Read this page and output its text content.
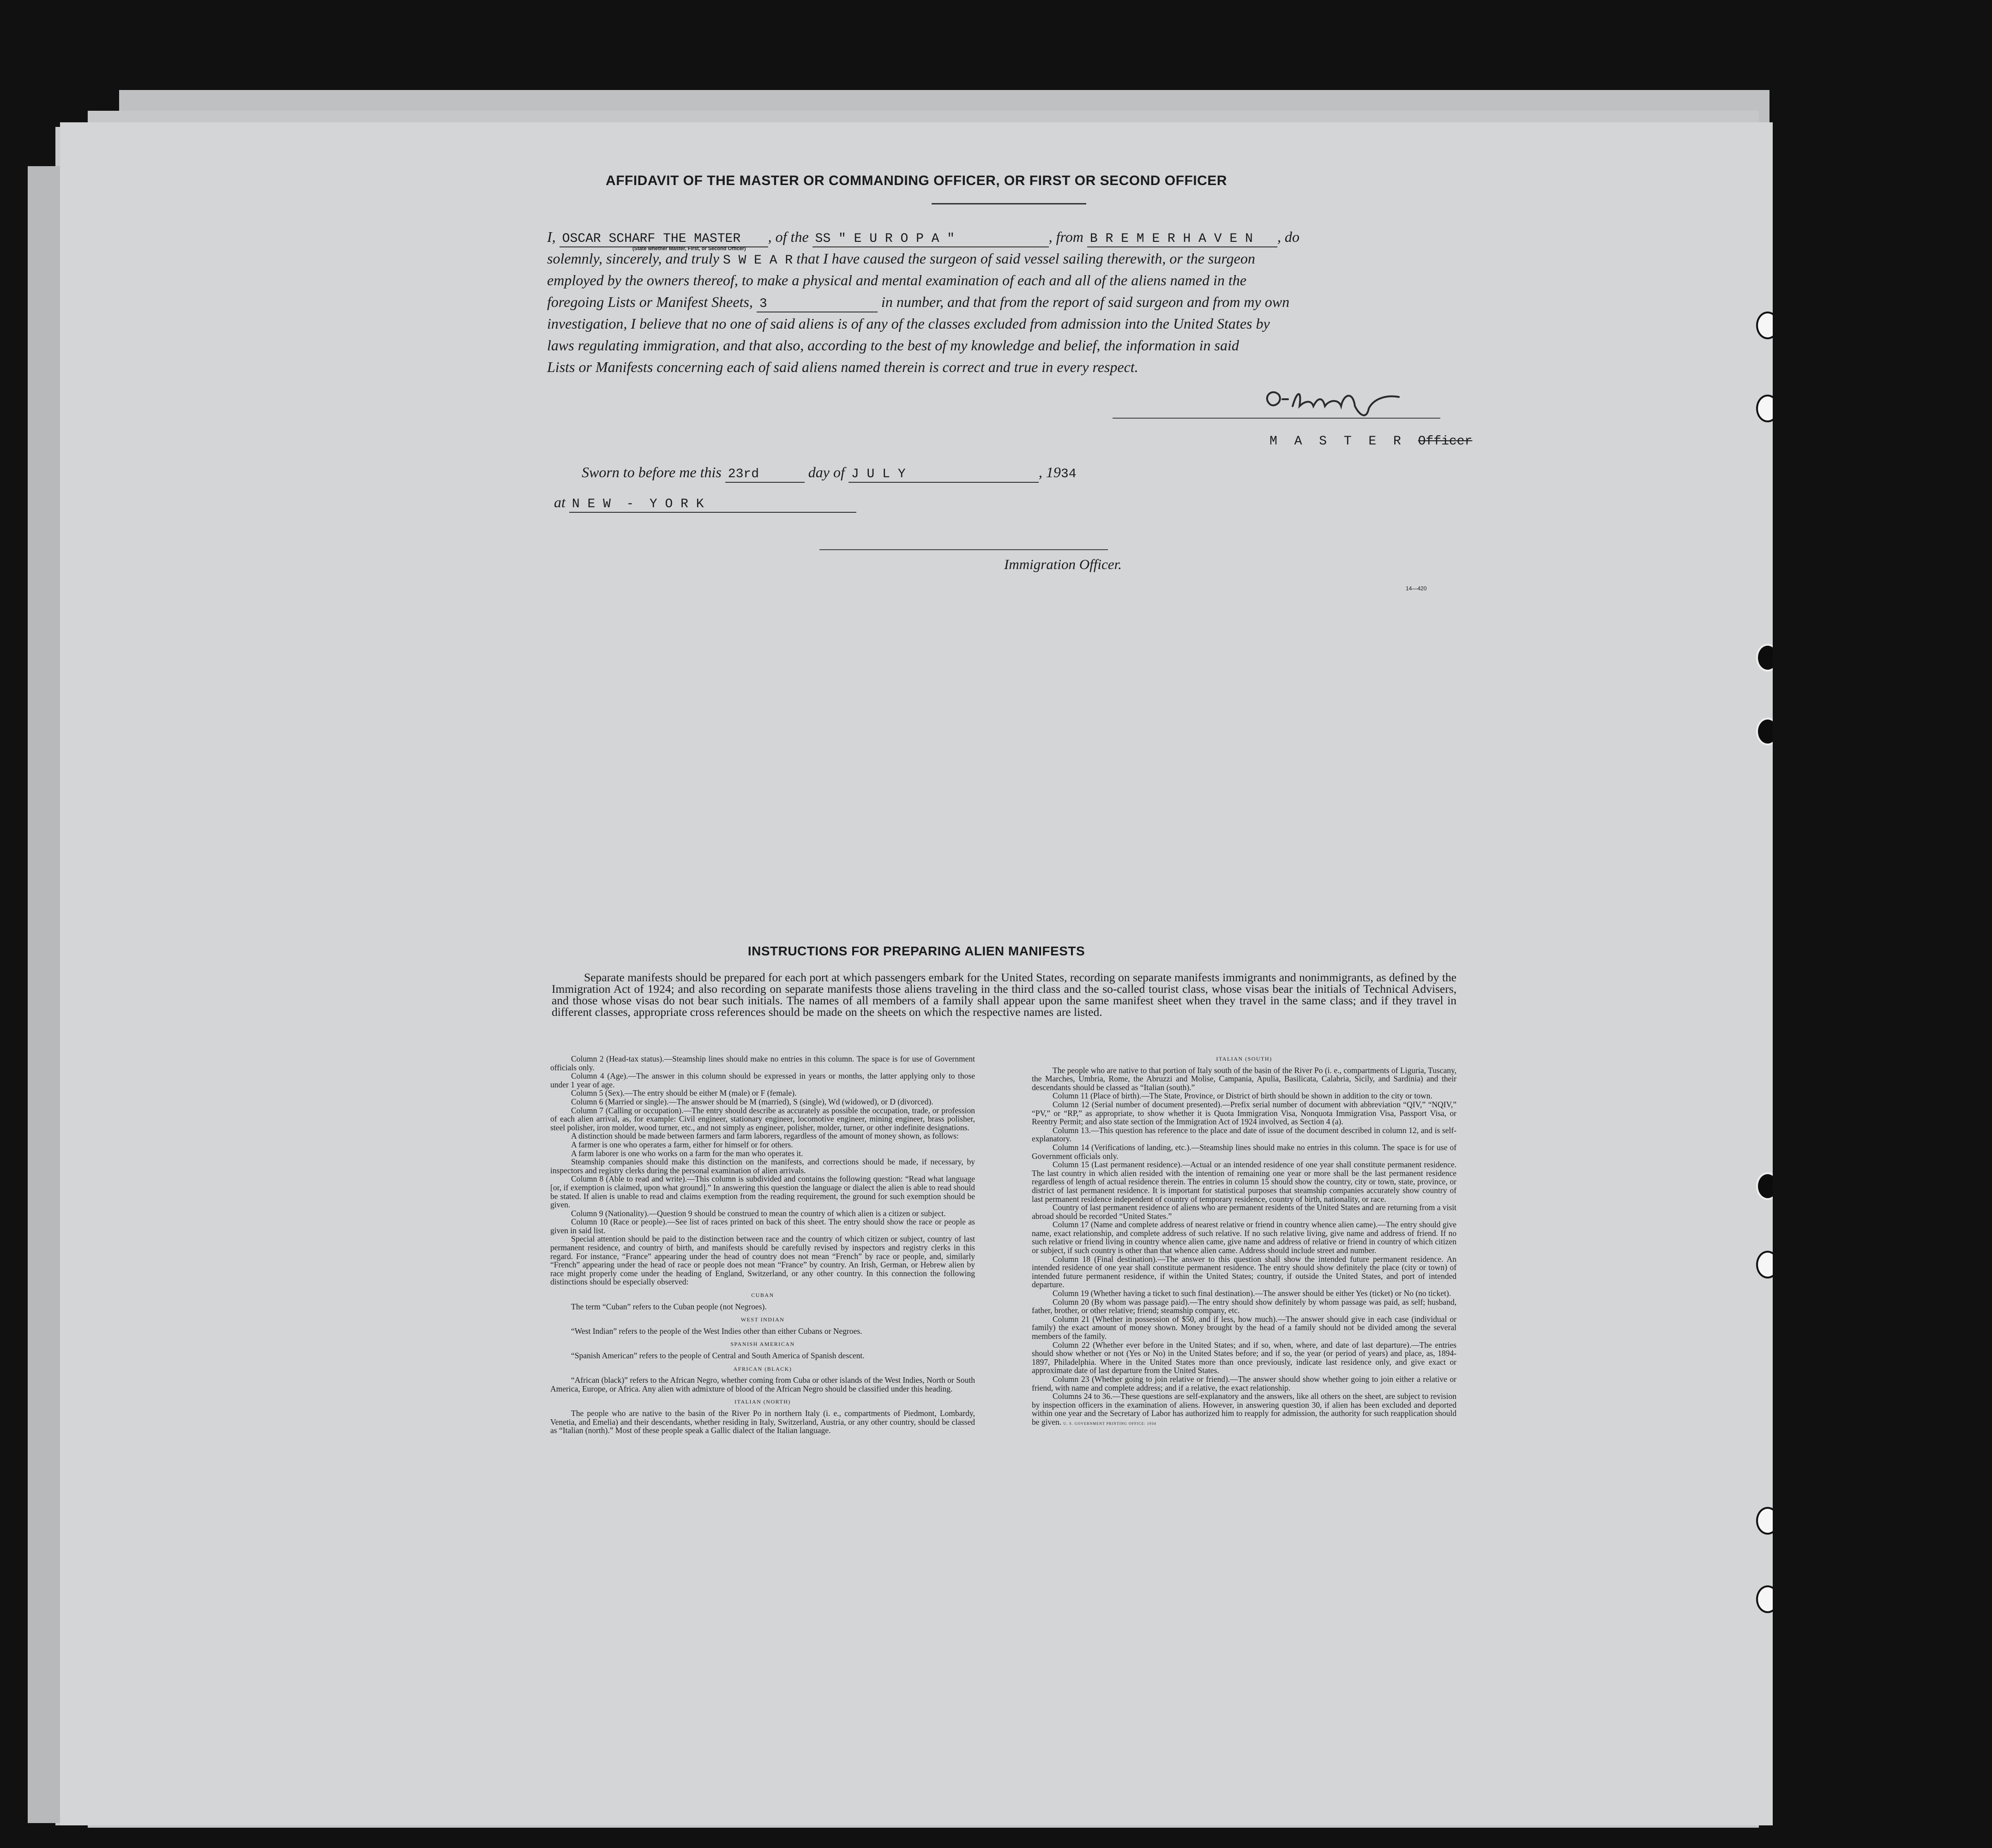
AFFIDAVIT OF THE MASTER OR COMMANDING OFFICER, OR FIRST OR SECOND OFFICER

I, OSCAR SCHARF THE MASTER , of the SS " E U R O P A "	, from B R E M E R H A V E N , do

solemnly, sincerely, and truly S W E A R that I have caused the surgeon of said vessel sailing therewith, or the surgeon

employed by the owners thereof, to make a physical and mental examination of each and all of the aliens named in the

foregoing Lists or Manifest Sheets, 3	in number, and that from the report of said surgeon and from my own

investigation, I believe that no one of said aliens is of any of the classes excluded from admission into the United States by

laws regulating immigration, and that also, according to the best of my knowledge and belief, the information in said

Lists or Manifests concerning each of said aliens named therein is correct and true in every respect.

(State whether Master, First, or Second Officer)
M A S T E R Officer
Sworn to before me this 23rd	day of J U L Y	, 1934
at N E W  -  Y O R K
Immigration Officer.
14—420
INSTRUCTIONS FOR PREPARING ALIEN MANIFESTS

Separate manifests should be prepared for each port at which passengers embark for the United States, recording on separate manifests immigrants and nonimmigrants, as defined by the Immigration Act of 1924; and also recording on separate manifests those aliens traveling in the third class and the so-called tourist class, whose visas bear the initials of Technical Advisers, and those whose visas do not bear such initials. The names of all members of a family shall appear upon the same manifest sheet when they travel in the same class; and if they travel in different classes, appropriate cross references should be made on the sheets on which the respective names are listed.

Column 2 (Head-tax status).—Steamship lines should make no entries in this column. The space is for use of Government officials only.

Column 4 (Age).—The answer in this column should be expressed in years or months, the latter applying only to those under 1 year of age.

Column 5 (Sex).—The entry should be either M (male) or F (female).

Column 6 (Married or single).—The answer should be M (married), S (single), Wd (widowed), or D (divorced).

Column 7 (Calling or occupation).—The entry should describe as accurately as possible the occupation, trade, or profession of each alien arrival, as, for example: Civil engineer, stationary engineer, locomotive engineer, mining engineer, brass polisher, steel polisher, iron molder, wood turner, etc., and not simply as engineer, polisher, molder, turner, or other indefinite designations.

A distinction should be made between farmers and farm laborers, regardless of the amount of money shown, as follows:

A farmer is one who operates a farm, either for himself or for others.

A farm laborer is one who works on a farm for the man who operates it.

Steamship companies should make this distinction on the manifests, and corrections should be made, if necessary, by inspectors and registry clerks during the personal examination of alien arrivals.

Column 8 (Able to read and write).—This column is subdivided and contains the following question: “Read what language [or, if exemption is claimed, upon what ground].” In answering this question the language or dialect the alien is able to read should be stated. If alien is unable to read and claims exemption from the reading requirement, the ground for such exemption should be given.

Column 9 (Nationality).—Question 9 should be construed to mean the country of which alien is a citizen or subject.

Column 10 (Race or people).—See list of races printed on back of this sheet. The entry should show the race or people as given in said list.

Special attention should be paid to the distinction between race and the country of which citizen or subject, country of last permanent residence, and country of birth, and manifests should be carefully revised by inspectors and registry clerks in this regard. For instance, “France” appearing under the head of country does not mean “French” by race or people, and, similarly “French” appearing under the head of race or people does not mean “France” by country. An Irish, German, or Hebrew alien by race might properly come under the heading of England, Switzerland, or any other country. In this connection the following distinctions should be especially observed:

CUBAN

The term “Cuban” refers to the Cuban people (not Negroes).

WEST INDIAN

“West Indian” refers to the people of the West Indies other than either Cubans or Negroes.

SPANISH AMERICAN

“Spanish American” refers to the people of Central and South America of Spanish descent.

AFRICAN (BLACK)

“African (black)” refers to the African Negro, whether coming from Cuba or other islands of the West Indies, North or South America, Europe, or Africa. Any alien with admixture of blood of the African Negro should be classified under this heading.

ITALIAN (NORTH)

The people who are native to the basin of the River Po in northern Italy (i. e., compartments of Piedmont, Lombardy, Venetia, and Emelia) and their descendants, whether residing in Italy, Switzerland, Austria, or any other country, should be classed as “Italian (north).” Most of these people speak a Gallic dialect of the Italian language.

ITALIAN (SOUTH)

The people who are native to that portion of Italy south of the basin of the River Po (i. e., compartments of Liguria, Tuscany, the Marches, Umbria, Rome, the Abruzzi and Molise, Campania, Apulia, Basilicata, Calabria, Sicily, and Sardinia) and their descendants should be classed as “Italian (south).”

Column 11 (Place of birth).—The State, Province, or District of birth should be shown in addition to the city or town.

Column 12 (Serial number of document presented).—Prefix serial number of document with abbreviation “QIV,” “NQIV,” “PV,” or “RP,” as appropriate, to show whether it is Quota Immigration Visa, Nonquota Immigration Visa, Passport Visa, or Reentry Permit; and also state section of the Immigration Act of 1924 involved, as Section 4 (a).

Column 13.—This question has reference to the place and date of issue of the document described in column 12, and is self-explanatory.

Column 14 (Verifications of landing, etc.).—Steamship lines should make no entries in this column. The space is for use of Government officials only.

Column 15 (Last permanent residence).—Actual or an intended residence of one year shall constitute permanent residence. The last country in which alien resided with the intention of remaining one year or more shall be the last permanent residence regardless of length of actual residence therein. The entries in column 15 should show the country, city or town, state, province, or district of last permanent residence. It is important for statistical purposes that steamship companies accurately show country of last permanent residence independent of country of temporary residence, country of birth, nationality, or race.

Country of last permanent residence of aliens who are permanent residents of the United States and are returning from a visit abroad should be recorded “United States.”

Column 17 (Name and complete address of nearest relative or friend in country whence alien came).—The entry should give name, exact relationship, and complete address of such relative. If no such relative living, give name and address of friend. If no such relative or friend living in country whence alien came, give name and address of relative or friend in country of which citizen or subject, if such country is other than that whence alien came. Address should include street and number.

Column 18 (Final destination).—The answer to this question shall show the intended future permanent residence. An intended residence of one year shall constitute permanent residence. The entry should show definitely the place (city or town) of intended future permanent residence, if within the United States; country, if outside the United States, and port of intended departure.

Column 19 (Whether having a ticket to such final destination).—The answer should be either Yes (ticket) or No (no ticket).

Column 20 (By whom was passage paid).—The entry should show definitely by whom passage was paid, as self; husband, father, brother, or other relative; friend; steamship company, etc.

Column 21 (Whether in possession of $50, and if less, how much).—The answer should give in each case (individual or family) the exact amount of money shown. Money brought by the head of a family should not be divided among the several members of the family.

Column 22 (Whether ever before in the United States; and if so, when, where, and date of last departure).—The entries should show whether or not (Yes or No) in the United States before; and if so, the year (or period of years) and place, as, 1894-1897, Philadelphia. Where in the United States more than once previously, indicate last residence only, and give exact or approximate date of last departure from the United States.

Column 23 (Whether going to join relative or friend).—The answer should show whether going to join either a relative or friend, with name and complete address; and if a relative, the exact relationship.

Columns 24 to 36.—These questions are self-explanatory and the answers, like all others on the sheet, are subject to revision by inspection officers in the examination of aliens. However, in answering question 30, if alien has been excluded and deported within one year and the Secretary of Labor has authorized him to reapply for admission, the authority for such reapplication should be given. U. S. GOVERNMENT PRINTING OFFICE: 1934
